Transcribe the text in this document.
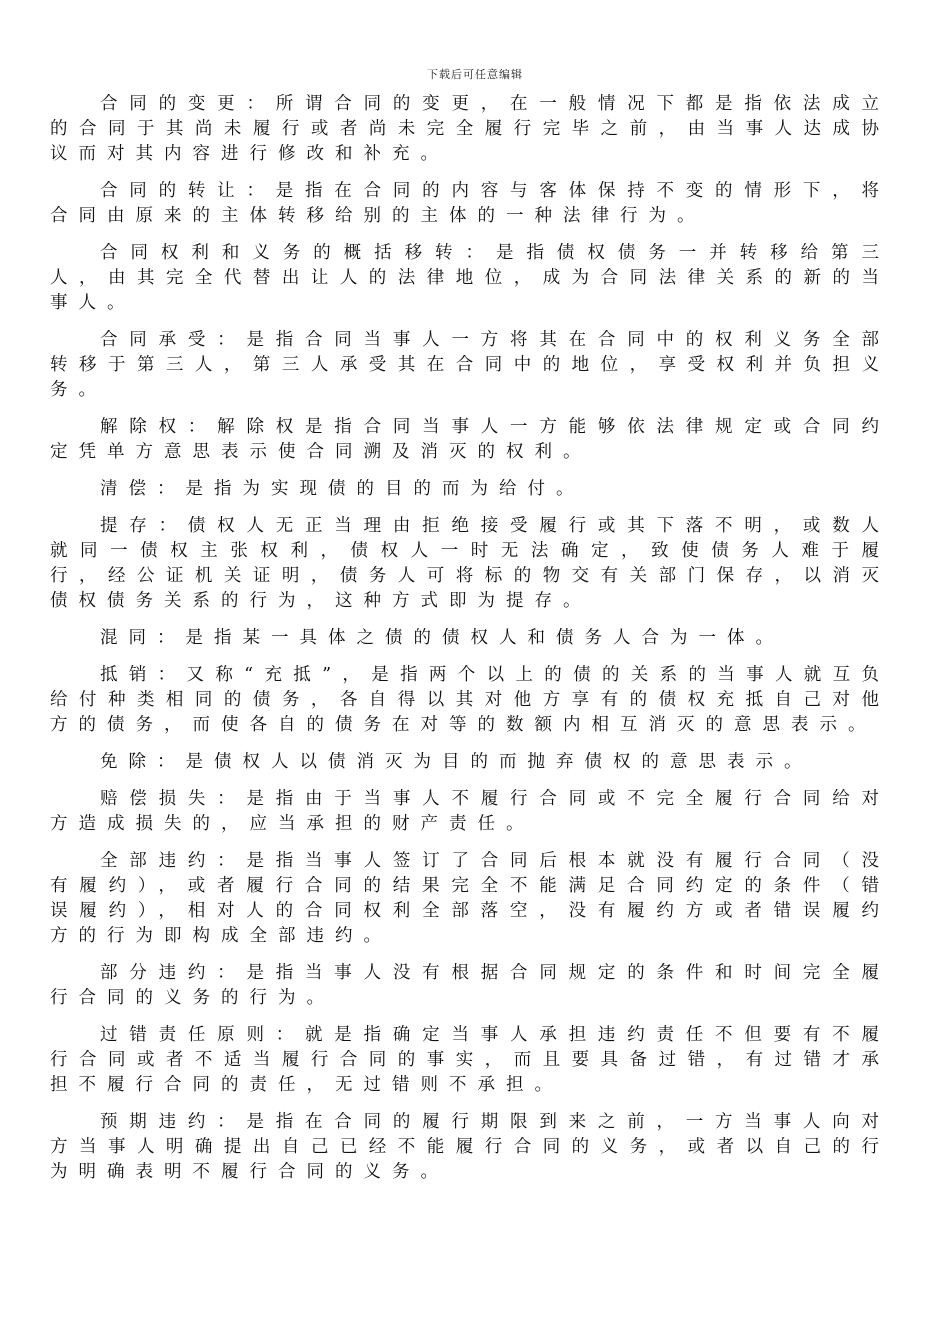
下载后可任意编辑

合同的变更：所谓合同的变更，在一般情况下都是指依法成立的合同于其尚未履行或者尚未完全履行完毕之前，由当事人达成协议而对其内容进行修改和补充。

合同的转让：是指在合同的内容与客体保持不变的情形下，将合同由原来的主体转移给别的主体的一种法律行为。

合同权利和义务的概括移转：是指债权债务一并转移给第三人，由其完全代替出让人的法律地位，成为合同法律关系的新的当事人。

合同承受：是指合同当事人一方将其在合同中的权利义务全部转移于第三人，第三人承受其在合同中的地位，享受权利并负担义务。

解除权：解除权是指合同当事人一方能够依法律规定或合同约定凭单方意思表示使合同溯及消灭的权利。

清偿：是指为实现债的目的而为给付。

提存：债权人无正当理由拒绝接受履行或其下落不明，或数人就同一债权主张权利，债权人一时无法确定，致使债务人难于履行，经公证机关证明，债务人可将标的物交有关部门保存，以消灭债权债务关系的行为，这种方式即为提存。

混同：是指某一具体之债的债权人和债务人合为一体。

抵销：又称“充抵”，是指两个以上的债的关系的当事人就互负给付种类相同的债务，各自得以其对他方享有的债权充抵自己对他方的债务，而使各自的债务在对等的数额内相互消灭的意思表示。

免除：是债权人以债消灭为目的而抛弃债权的意思表示。

赔偿损失：是指由于当事人不履行合同或不完全履行合同给对方造成损失的，应当承担的财产责任。

全部违约：是指当事人签订了合同后根本就没有履行合同（没有履约），或者履行合同的结果完全不能满足合同约定的条件（错误履约），相对人的合同权利全部落空，没有履约方或者错误履约方的行为即构成全部违约。

部分违约：是指当事人没有根据合同规定的条件和时间完全履行合同的义务的行为。

过错责任原则：就是指确定当事人承担违约责任不但要有不履行合同或者不适当履行合同的事实，而且要具备过错，有过错才承担不履行合同的责任，无过错则不承担。

预期违约：是指在合同的履行期限到来之前，一方当事人向对方当事人明确提出自己已经不能履行合同的义务，或者以自己的行为明确表明不履行合同的义务。
